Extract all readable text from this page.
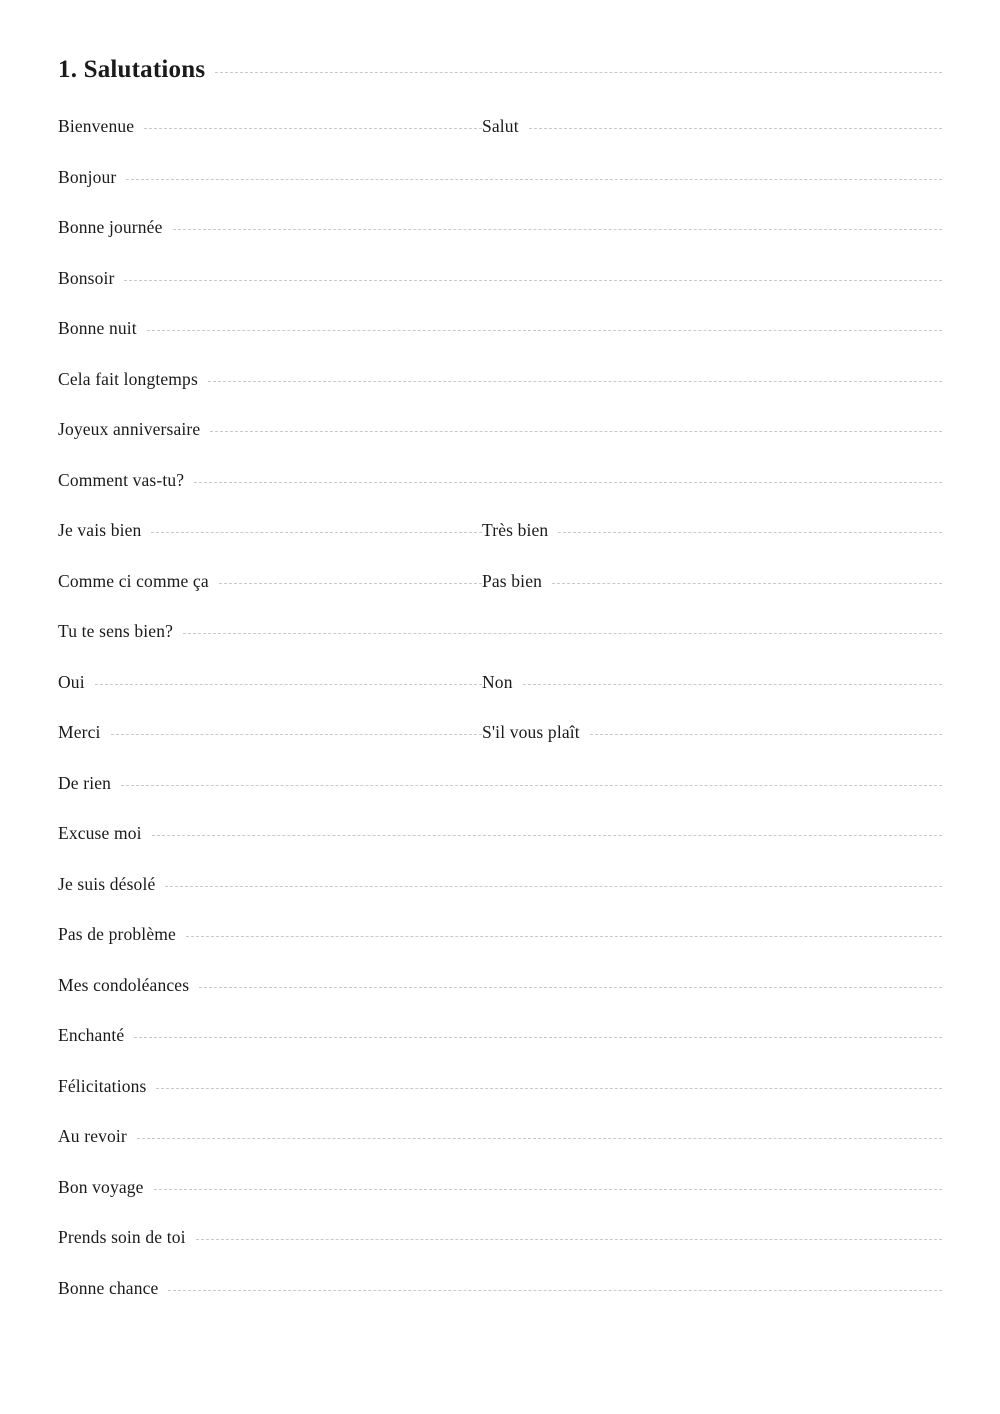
1. Salutations
Bienvenue	Salut
Bonjour
Bonne journée
Bonsoir
Bonne nuit
Cela fait longtemps
Joyeux anniversaire
Comment vas-tu?
Je vais bien	Très bien
Comme ci comme ça	Pas bien
Tu te sens bien?
Oui	Non
Merci	S'il vous plaît
De rien
Excuse moi
Je suis désolé
Pas de problème
Mes condoléances
Enchanté
Félicitations
Au revoir
Bon voyage
Prends soin de toi
Bonne chance
